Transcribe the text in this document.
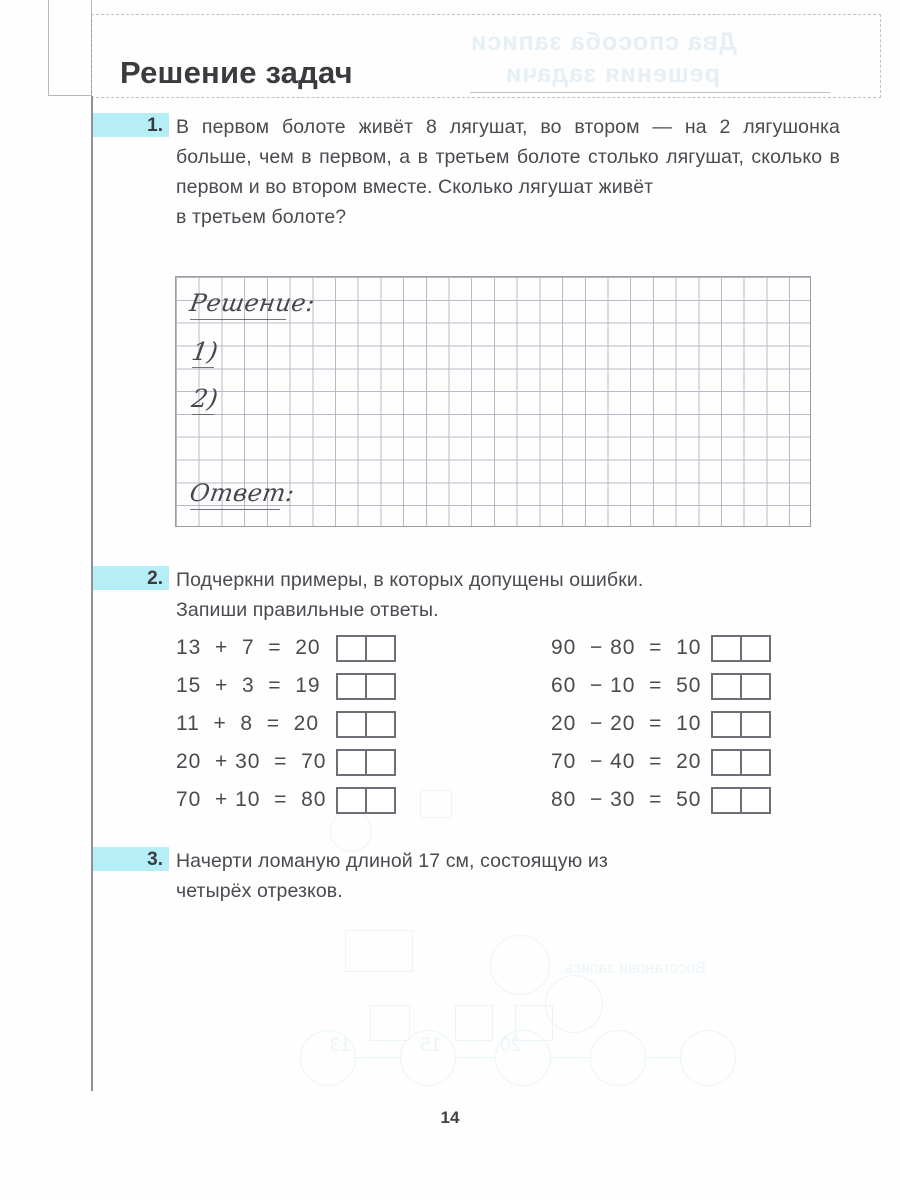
Два способа записи
решения задачи
Восстанови запись.
13	15	20
Решение задач
1. В первом болоте живёт 8 лягушат, во втором — на 2 лягушонка больше, чем в первом, а в третьем болоте столько лягушат, сколько в первом и во втором вместе. Сколько лягушат живёт
в третьем болоте?
Решение:
1)
2)
Ответ:
2. Подчеркни примеры, в которых допущены ошибки.
Запиши правильные ответы.
13  +  7  =  20
15  +  3  =  19
11  +  8  =  20
20  + 30  =  70
70  + 10  =  80
90  − 80  =  10
60  − 10  =  50
20  − 20  =  10
70  − 40  =  20
80  − 30  =  50
3. Начерти ломаную длиной 17 см, состоящую из
четырёх отрезков.
14
